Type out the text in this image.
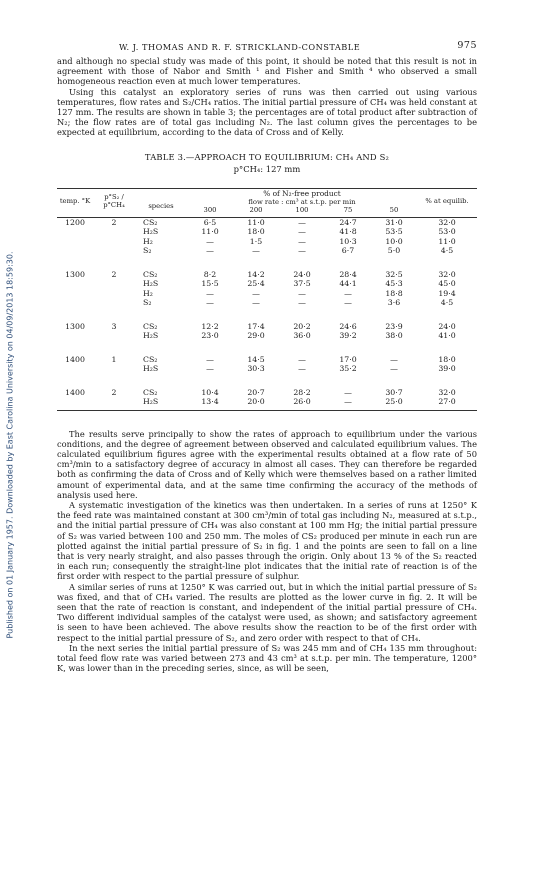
Published on 01 January 1957. Downloaded by East Carolina University on 04/09/2013 18:59:30.
W. J. THOMAS AND R. F. STRICKLAND-CONSTABLE	975

and although no special study was made of this point, it should be noted that this result is not in agreement with those of Nabor and Smith ¹ and Fisher and Smith ⁴ who observed a small homogeneous reaction even at much lower temperatures.

Using this catalyst an exploratory series of runs was then carried out using various temperatures, flow rates and S₂/CH₄ ratios. The initial partial pressure of CH₄ was held constant at 127 mm. The results are shown in table 3; the percentages are of total product after subtraction of N₂; the flow rates are of total gas including N₂. The last column gives the percentages to be expected at equilibrium, according to the data of Cross and of Kelly.

TABLE 3.—APPROACH TO EQUILIBRIUM: CH₄ AND S₂
p°CH₄: 127 mm
temp. °K	p°S₂ / p°CH₄		% of N₂-free product					% at equilib.
		species	flow rate : cm³ at s.t.p. per min					
			300	200	100	75	50	

1200	2	CS₂	6·5	11·0	—	24·7	31·0	32·0
		H₂S	11·0	18·0	—	41·8	53·5	53·0
		H₂	—	1·5	—	10·3	10·0	11·0
		S₂	—	—	—	6·7	5·0	4·5

1300	2	CS₂	8·2	14·2	24·0	28·4	32·5	32·0
		H₂S	15·5	25·4	37·5	44·1	45·3	45·0
		H₂	—	—	—	—	18·8	19·4
		S₂	—	—	—	—	3·6	4·5

1300	3	CS₂	12·2	17·4	20·2	24·6	23·9	24·0
		H₂S	23·0	29·0	36·0	39·2	38·0	41·0

1400	1	CS₂	—	14·5	—	17·0	—	18·0
		H₂S	—	30·3	—	35·2	—	39·0

1400	2	CS₂	10·4	20·7	28·2	—	30·7	32·0
		H₂S	13·4	20·0	26·0	—	25·0	27·0

The results serve principally to show the rates of approach to equilibrium under the various conditions, and the degree of agreement between observed and calculated equilibrium values. The calculated equilibrium figures agree with the experimental results obtained at a flow rate of 50 cm³/min to a satisfactory degree of accuracy in almost all cases. They can therefore be regarded both as confirming the data of Cross and of Kelly which were themselves based on a rather limited amount of experimental data, and at the same time confirming the accuracy of the methods of analysis used here.

A systematic investigation of the kinetics was then undertaken. In a series of runs at 1250° K the feed rate was maintained constant at 300 cm³/min of total gas including N₂, measured at s.t.p., and the initial partial pressure of CH₄ was also constant at 100 mm Hg; the initial partial pressure of S₂ was varied between 100 and 250 mm. The moles of CS₂ produced per minute in each run are plotted against the initial partial pressure of S₂ in fig. 1 and the points are seen to fall on a line that is very nearly straight, and also passes through the origin. Only about 13 % of the S₂ reacted in each run; consequently the straight-line plot indicates that the initial rate of reaction is of the first order with respect to the partial pressure of sulphur.

A similar series of runs at 1250° K was carried out, but in which the initial partial pressure of S₂ was fixed, and that of CH₄ varied. The results are plotted as the lower curve in fig. 2. It will be seen that the rate of reaction is constant, and independent of the initial partial pressure of CH₄. Two different individual samples of the catalyst were used, as shown; and satisfactory agreement is seen to have been achieved. The above results show the reaction to be of the first order with respect to the initial partial pressure of S₂, and zero order with respect to that of CH₄.

In the next series the initial partial pressure of S₂ was 245 mm and of CH₄ 135 mm throughout: total feed flow rate was varied between 273 and 43 cm³ at s.t.p. per min. The temperature, 1200° K, was lower than in the preceding series, since, as will be seen,
